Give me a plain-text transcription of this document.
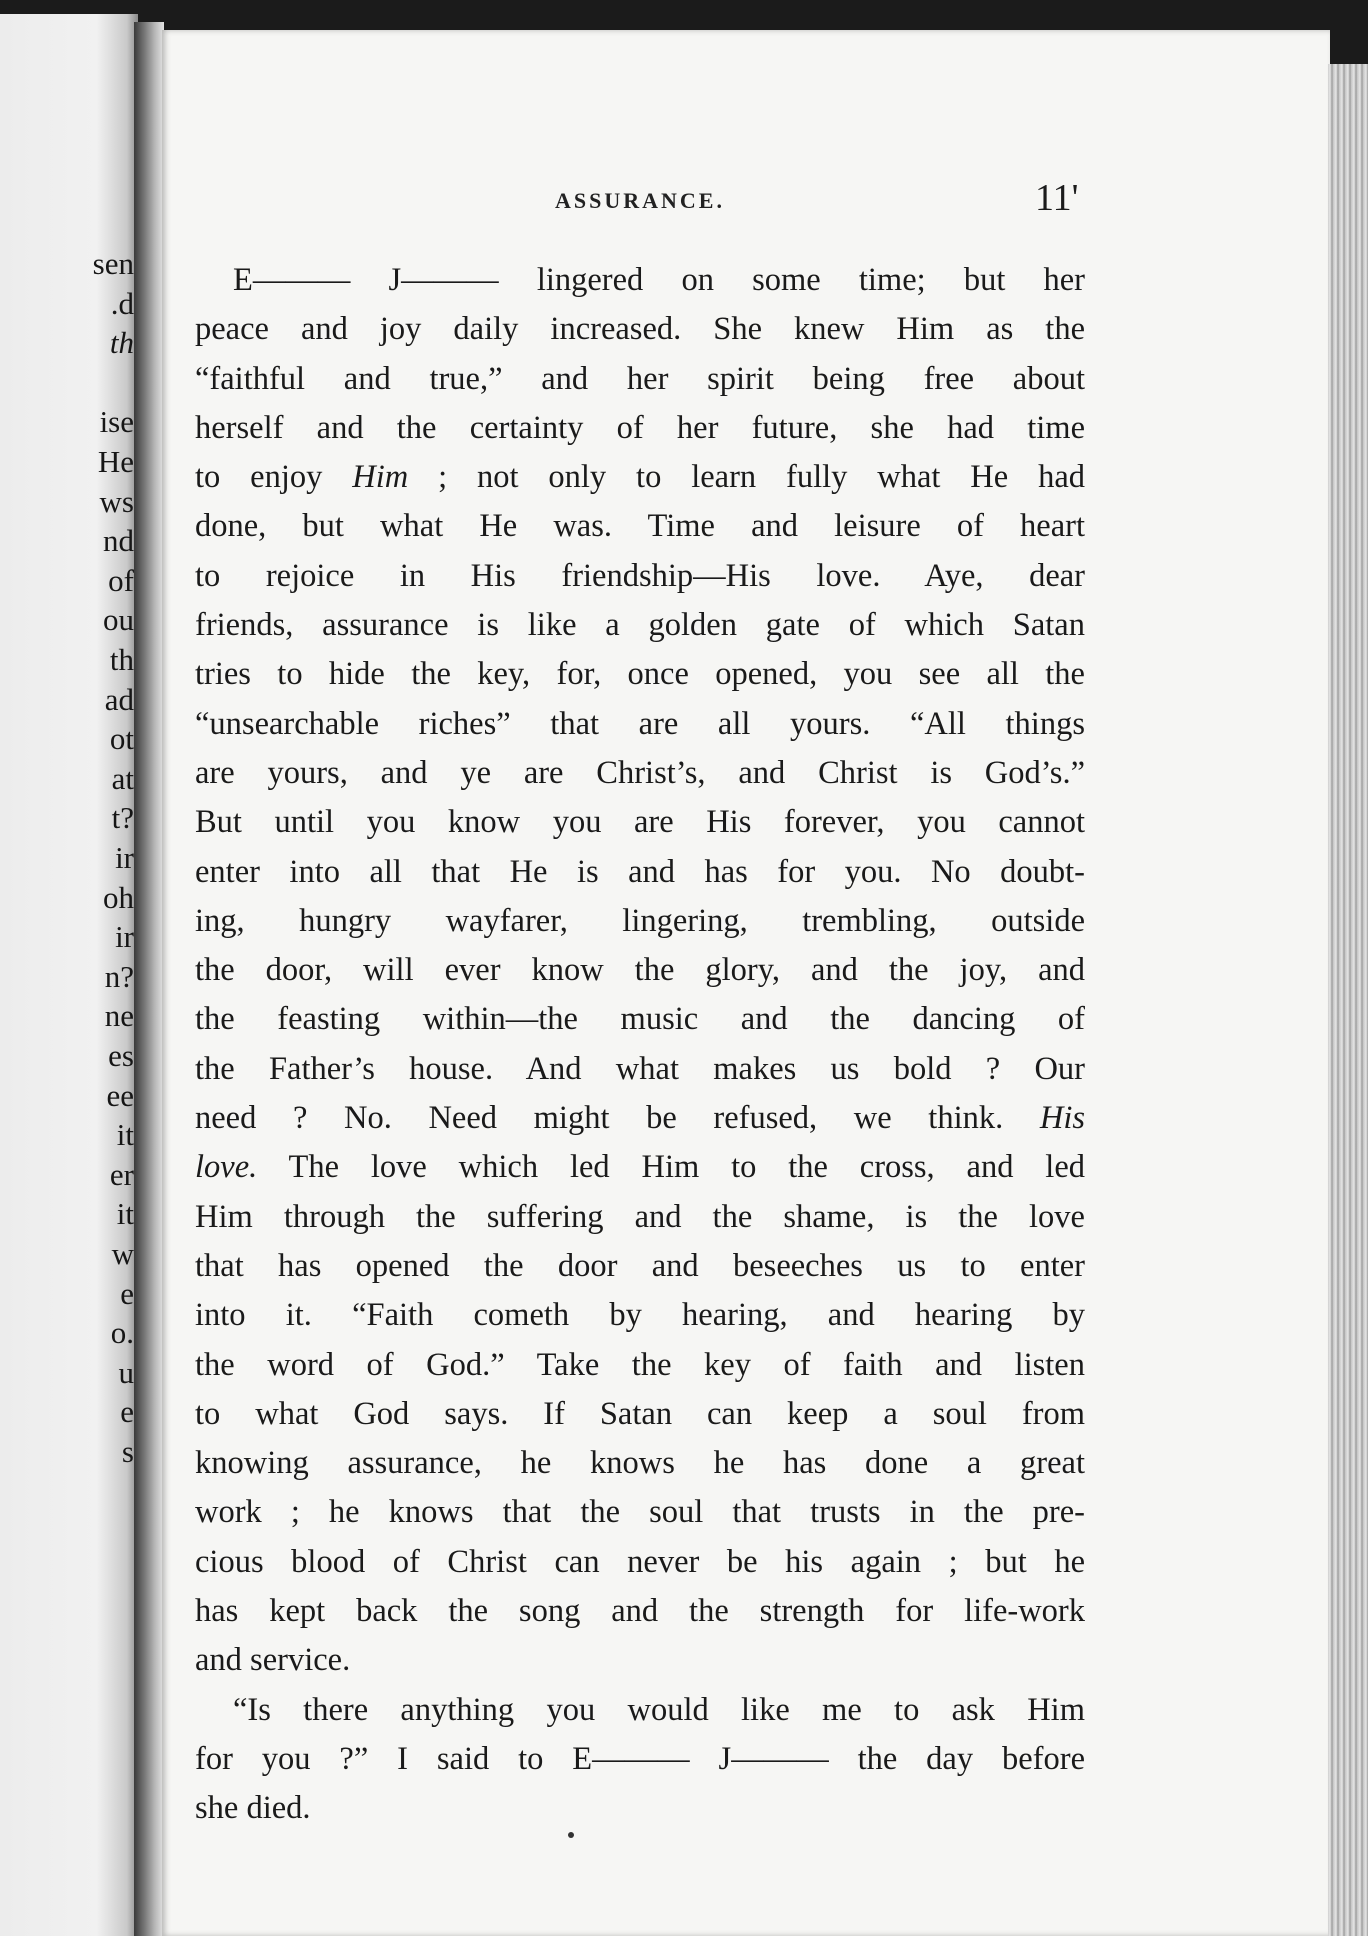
sen
.d
th
ise
He
ws
nd
of
ou
th
ad
ot
at
t?
ir
oh
ir
n?
ne
es
ee
it
er
it
w
e
o.
u
e
s
ASSURANCE.	11'
E——— J——— lingered on some time; but her
peace and joy daily increased. She knew Him as the
“faithful and true,” and her spirit being free about
herself and the certainty of her future, she had time
to enjoy Him ; not only to learn fully what He had
done, but what He was. Time and leisure of heart
to rejoice in His friendship—His love. Aye, dear
friends, assurance is like a golden gate of which Satan
tries to hide the key, for, once opened, you see all the
“unsearchable riches” that are all yours. “All things
are yours, and ye are Christ’s, and Christ is God’s.”
But until you know you are His forever, you cannot
enter into all that He is and has for you. No doubt-
ing, hungry wayfarer, lingering, trembling, outside
the door, will ever know the glory, and the joy, and
the feasting within—the music and the dancing of
the Father’s house. And what makes us bold ? Our
need ? No. Need might be refused, we think. His
love. The love which led Him to the cross, and led
Him through the suffering and the shame, is the love
that has opened the door and beseeches us to enter
into it. “Faith cometh by hearing, and hearing by
the word of God.” Take the key of faith and listen
to what God says. If Satan can keep a soul from
knowing assurance, he knows he has done a great
work ; he knows that the soul that trusts in the pre-
cious blood of Christ can never be his again ; but he
has kept back the song and the strength for life-work
and service.
“Is there anything you would like me to ask Him
for you ?” I said to E——— J——— the day before
she died.
